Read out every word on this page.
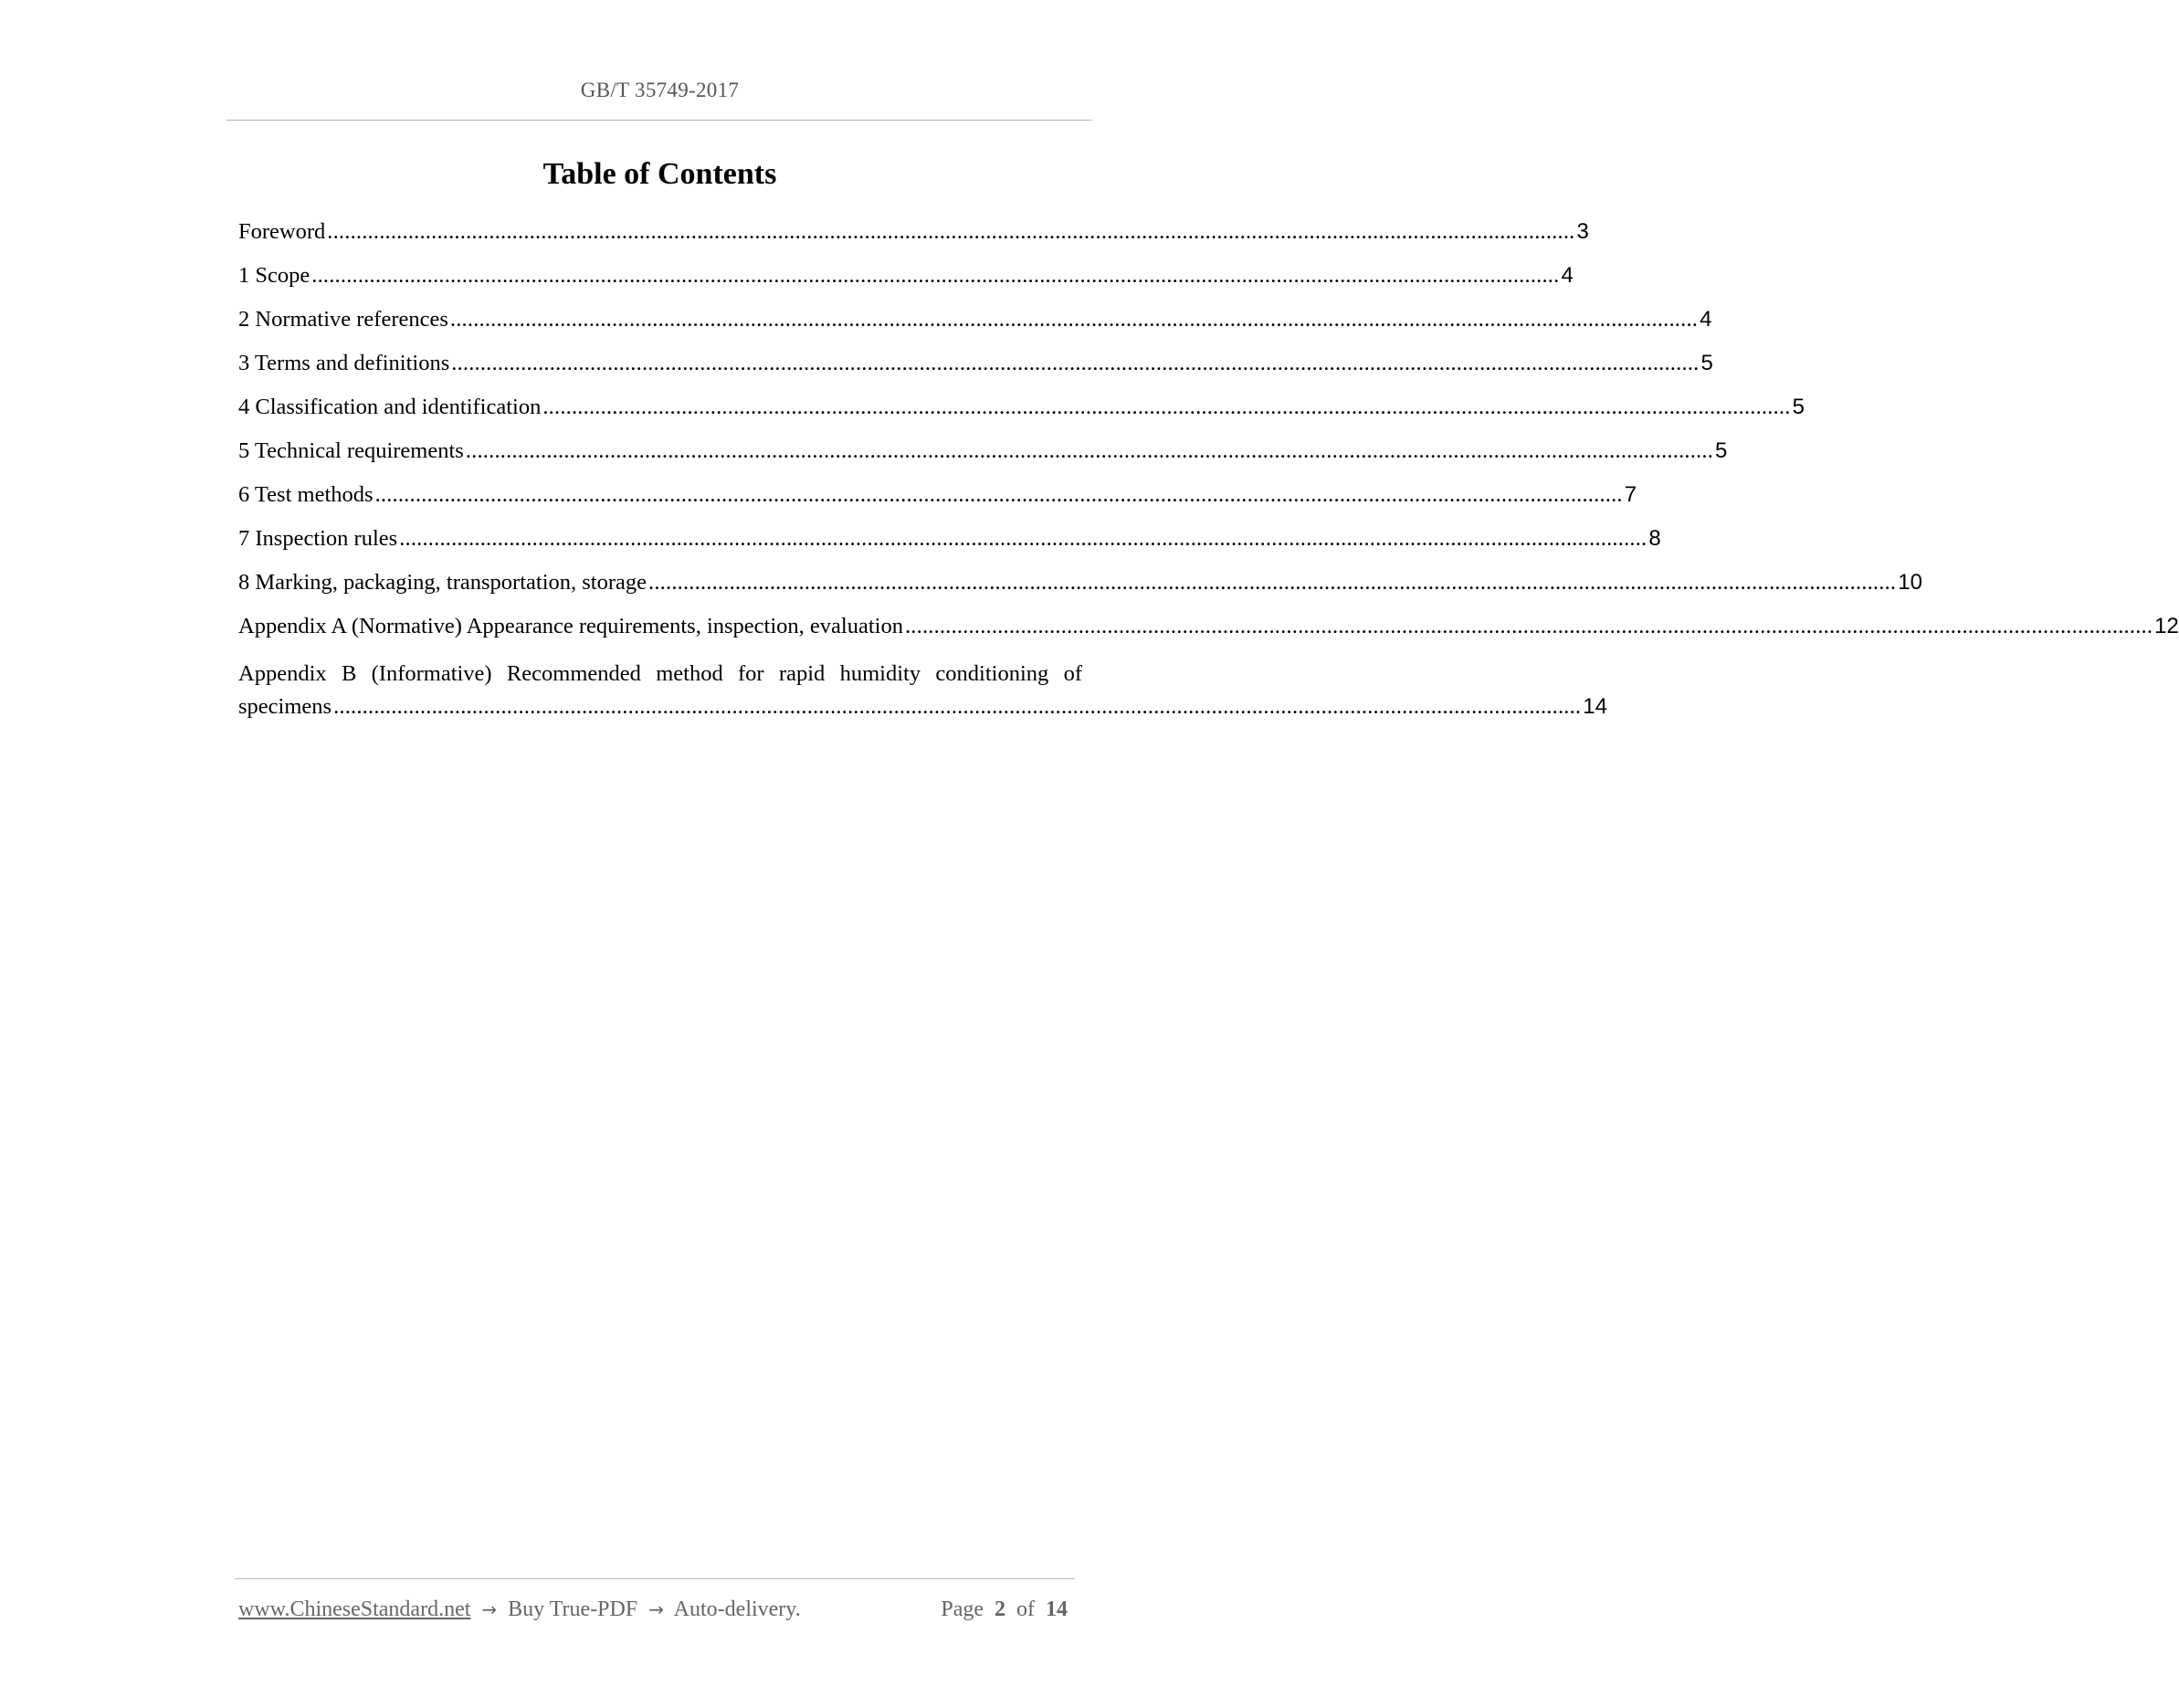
GB/T 35749-2017
Table of Contents
Foreword ........................................................................................................................................................................................................................ 3
1 Scope ........................................................................................................................................................................................................................ 4
2 Normative references ........................................................................................................................................................................................................................ 4
3 Terms and definitions ........................................................................................................................................................................................................................ 5
4 Classification and identification ........................................................................................................................................................................................................................ 5
5 Technical requirements ........................................................................................................................................................................................................................ 5
6 Test methods ........................................................................................................................................................................................................................ 7
7 Inspection rules ........................................................................................................................................................................................................................ 8
8 Marking, packaging, transportation, storage ........................................................................................................................................................................................................................ 10
Appendix A (Normative) Appearance requirements, inspection, evaluation ........................................................................................................................................................................................................................ 12
Appendix B (Informative) Recommended method for rapid humidity conditioning of
specimens ........................................................................................................................................................................................................................ 14
www.ChineseStandard.net → Buy True-PDF → Auto-delivery.	Page 2 of 14
